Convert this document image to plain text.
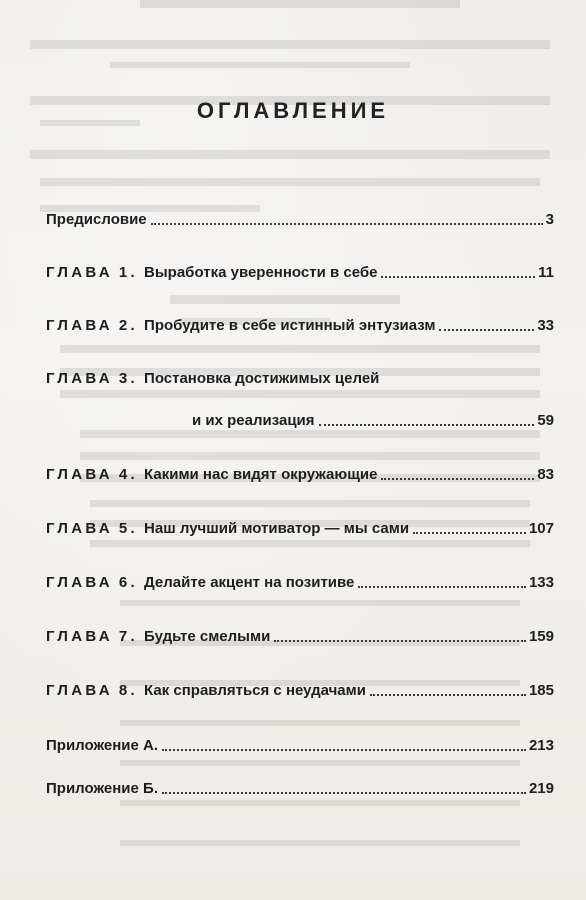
ОГЛАВЛЕНИЕ
Предисловие	3
ГЛАВА 1. Выработка уверенности в себе	11
ГЛАВА 2. Пробудите в себе истинный энтузиазм	33
ГЛАВА 3. Постановка достижимых целей
и их реализация	59
ГЛАВА 4. Какими нас видят окружающие	83
ГЛАВА 5. Наш лучший мотиватор — мы сами	107
ГЛАВА 6. Делайте акцент на позитиве	133
ГЛАВА 7. Будьте смелыми	159
ГЛАВА 8. Как справляться с неудачами	185
Приложение А.	213
Приложение Б.	219
